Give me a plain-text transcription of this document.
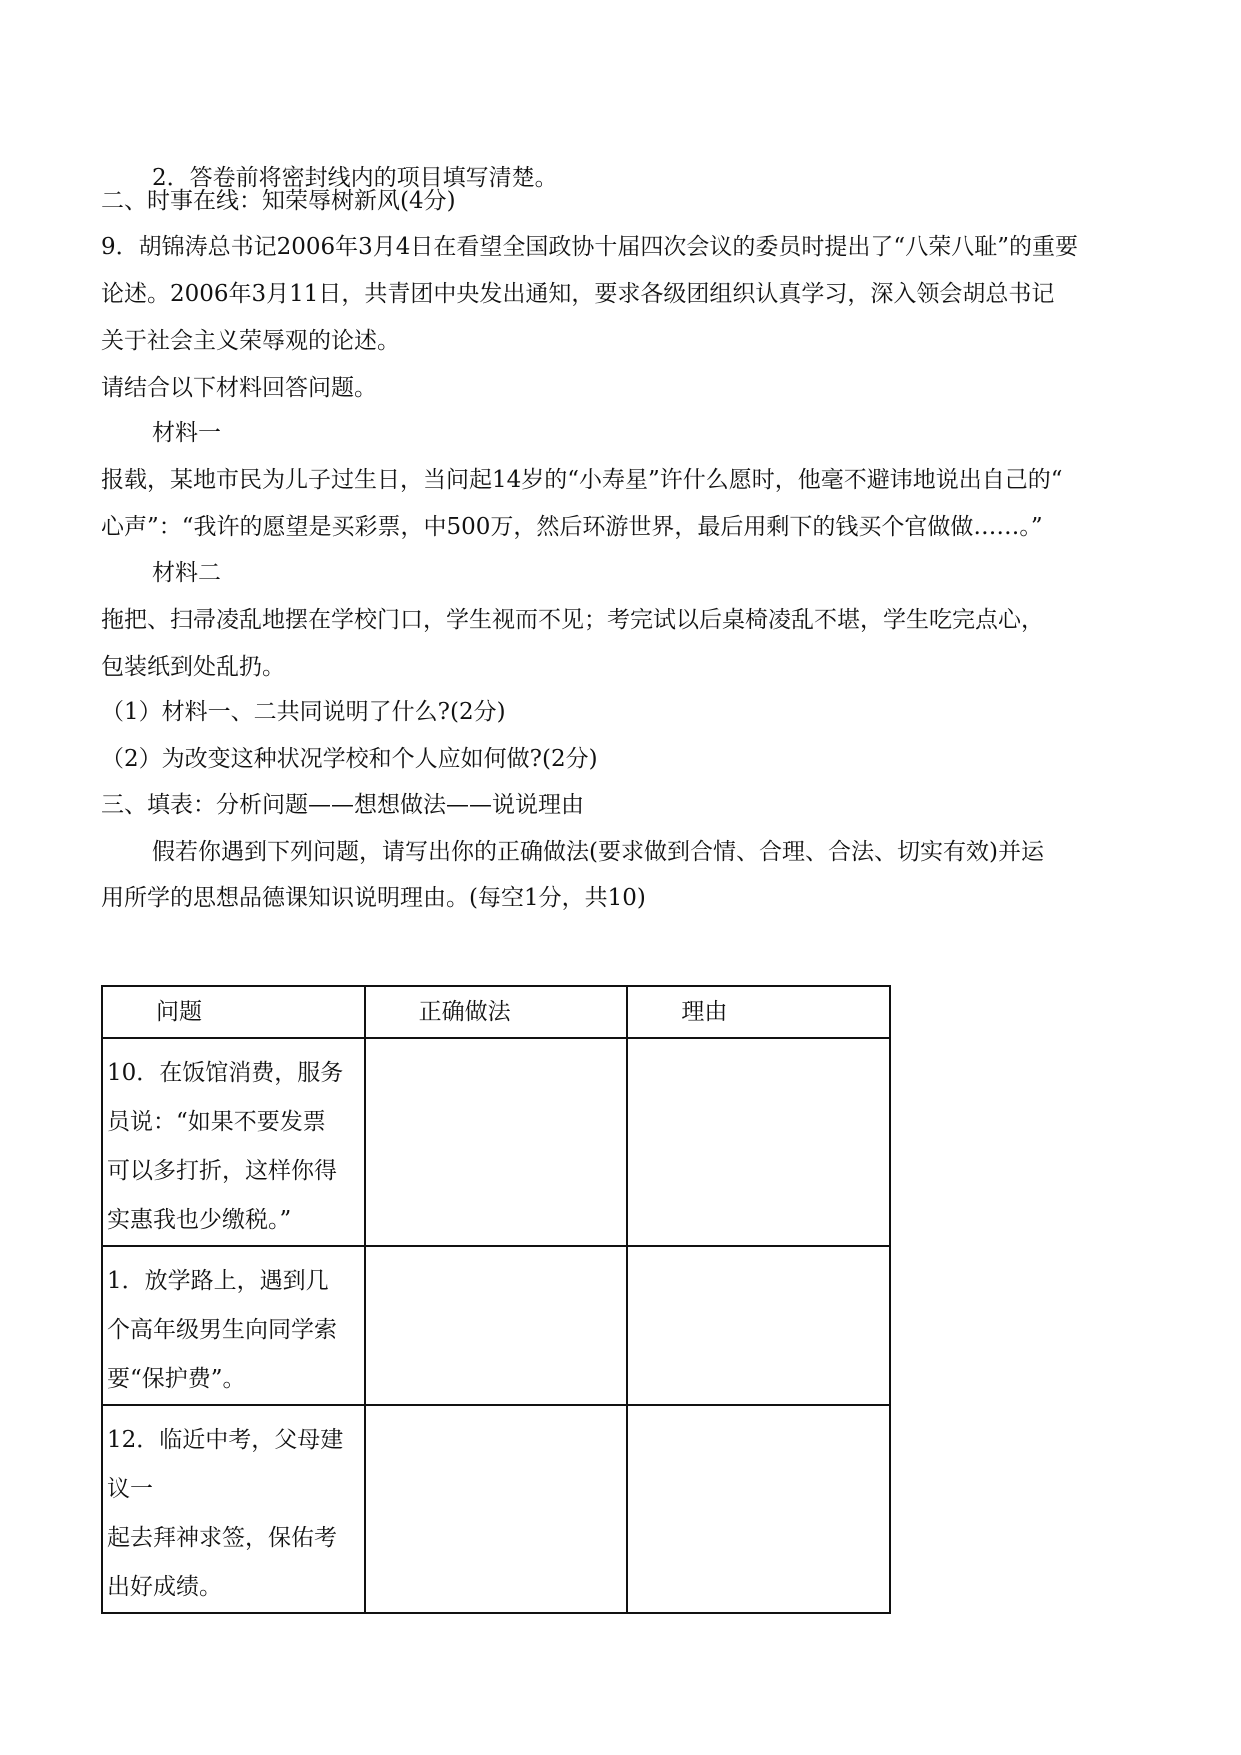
2．答卷前将密封线内的项目填写清楚。
二、时事在线：知荣辱树新风(4分)
9．胡锦涛总书记2006年3月4日在看望全国政协十届四次会议的委员时提出了“八荣八耻”的重要
论述。2006年3月11日，共青团中央发出通知，要求各级团组织认真学习，深入领会胡总书记
关于社会主义荣辱观的论述。
请结合以下材料回答问题。
材料一
报载，某地市民为儿子过生日，当问起14岁的“小寿星”许什么愿时，他毫不避讳地说出自己的“
心声”：“我许的愿望是买彩票，中500万，然后环游世界，最后用剩下的钱买个官做做……。”
材料二
拖把、扫帚凌乱地摆在学校门口，学生视而不见；考完试以后桌椅凌乱不堪，学生吃完点心，
包装纸到处乱扔。
（1）材料一、二共同说明了什么?(2分)
（2）为改变这种状况学校和个人应如何做?(2分)
三、填表：分析问题——想想做法——说说理由
假若你遇到下列问题，请写出你的正确做法(要求做到合情、合理、合法、切实有效)并运
用所学的思想品德课知识说明理由。(每空1分，共10)
问题	正确做法	理由

10．在饭馆消费，服务
员说：“如果不要发票
可以多打折，这样你得
实惠我也少缴税。”		

1．放学路上，遇到几
个高年级男生向同学索
要“保护费”。		

12．临近中考，父母建
议一
起去拜神求签，保佑考
出好成绩。		
